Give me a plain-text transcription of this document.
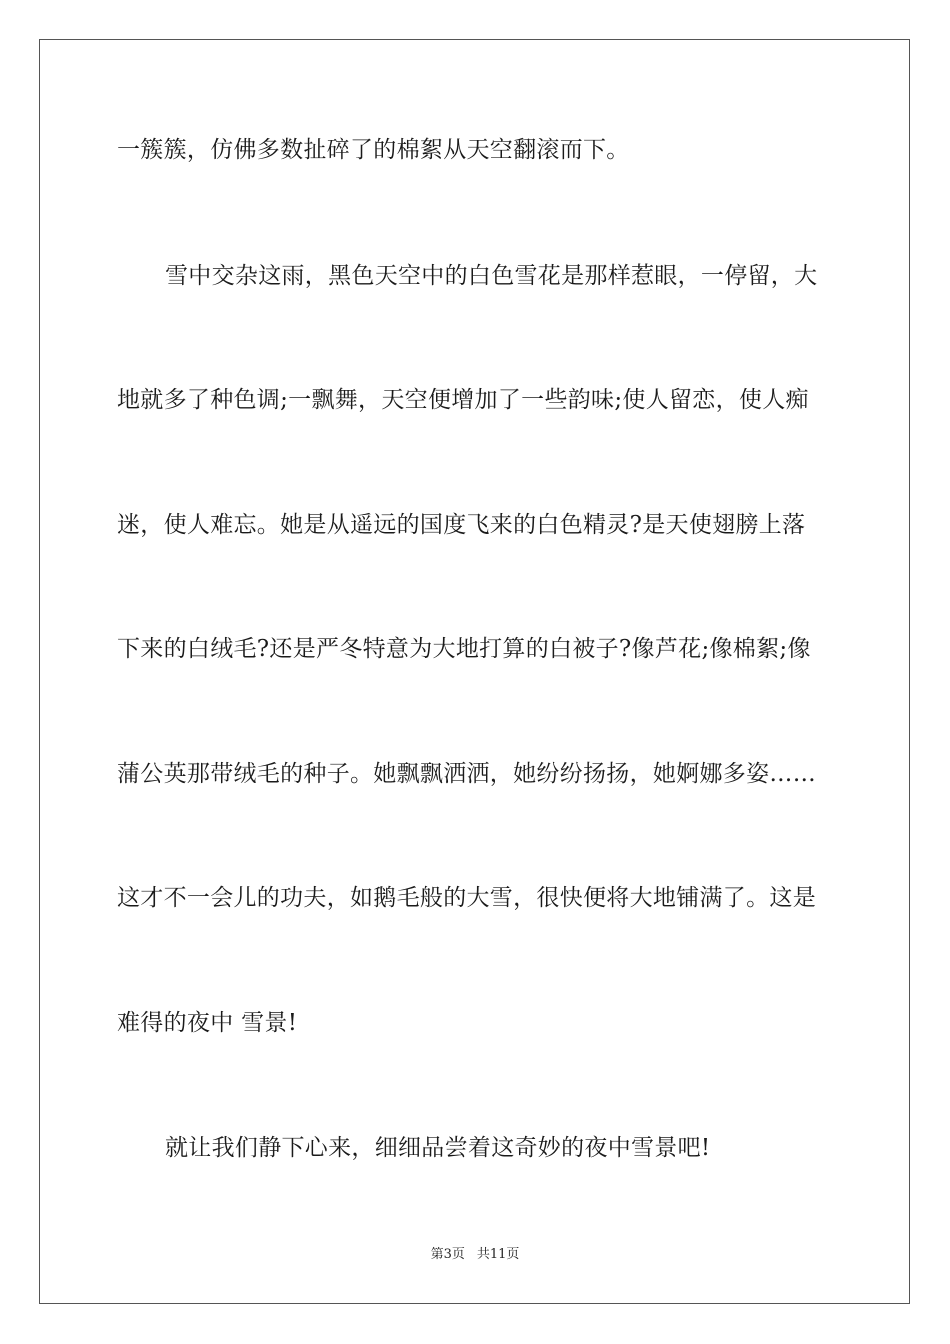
一簇簇，仿佛多数扯碎了的棉絮从天空翻滚而下。
雪中交杂这雨，黑色天空中的白色雪花是那样惹眼，一停留，大
地就多了种色调;一飘舞，天空便增加了一些韵味;使人留恋，使人痴
迷，使人难忘。她是从遥远的国度飞来的白色精灵?是天使翅膀上落
下来的白绒毛?还是严冬特意为大地打算的白被子?像芦花;像棉絮;像
蒲公英那带绒毛的种子。她飘飘洒洒，她纷纷扬扬，她婀娜多姿……
这才不一会儿的功夫，如鹅毛般的大雪，很快便将大地铺满了。这是
难得的夜中 雪景!
就让我们静下心来，细细品尝着这奇妙的夜中雪景吧!
第3页 共11页
